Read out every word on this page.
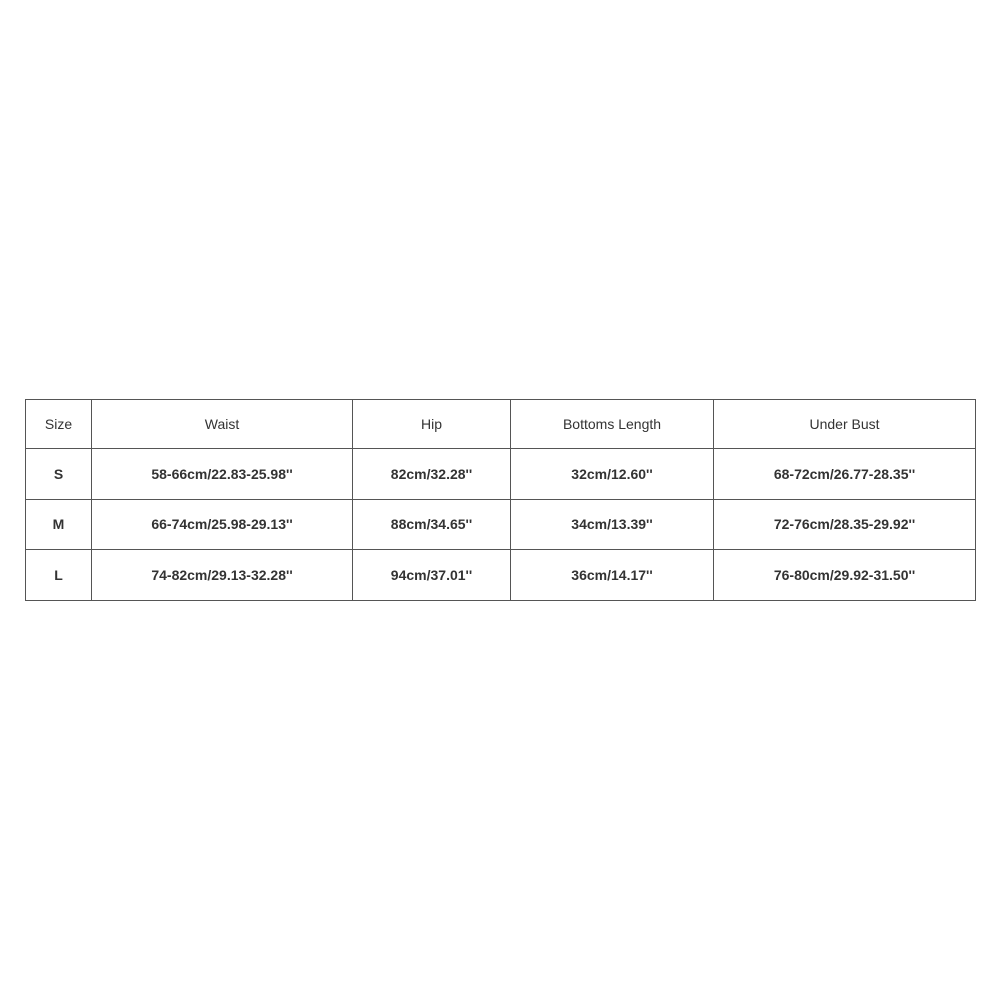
Size	Waist	Hip	Bottoms Length	Under Bust
S	58-66cm/22.83-25.98''	82cm/32.28''	32cm/12.60''	68-72cm/26.77-28.35''
M	66-74cm/25.98-29.13''	88cm/34.65''	34cm/13.39''	72-76cm/28.35-29.92''
L	74-82cm/29.13-32.28''	94cm/37.01''	36cm/14.17''	76-80cm/29.92-31.50''
